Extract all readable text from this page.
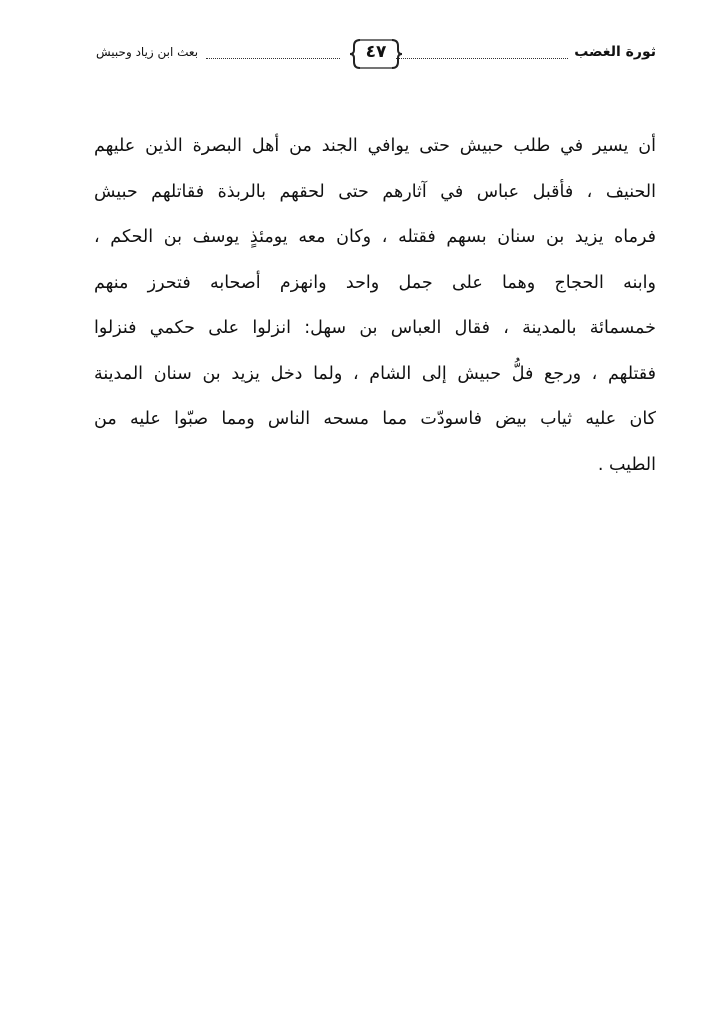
ثورة الغضب
٤٧
بعث ابن زياد وحبيش
أن يسير في طلب حبيش حتى يوافي الجند من أهل البصرة الذين عليهم
الحنيف ، فأقبل عباس في آثارهم حتى لحقهم بالربذة فقاتلهم حبيش
فرماه يزيد بن سنان بسهم فقتله ، وكان معه يومئذٍ يوسف بن الحكم ،
وابنه الحجاج وهما على جمل واحد وانهزم أصحابه فتحرز منهم
خمسمائة بالمدينة ، فقال العباس بن سهل: انزلوا على حكمي فنزلوا
فقتلهم ، ورجع فلُّ حبيش إلى الشام ، ولما دخل يزيد بن سنان المدينة
كان عليه ثياب بيض فاسودّت مما مسحه الناس ومما صبّوا عليه من
الطيب .
